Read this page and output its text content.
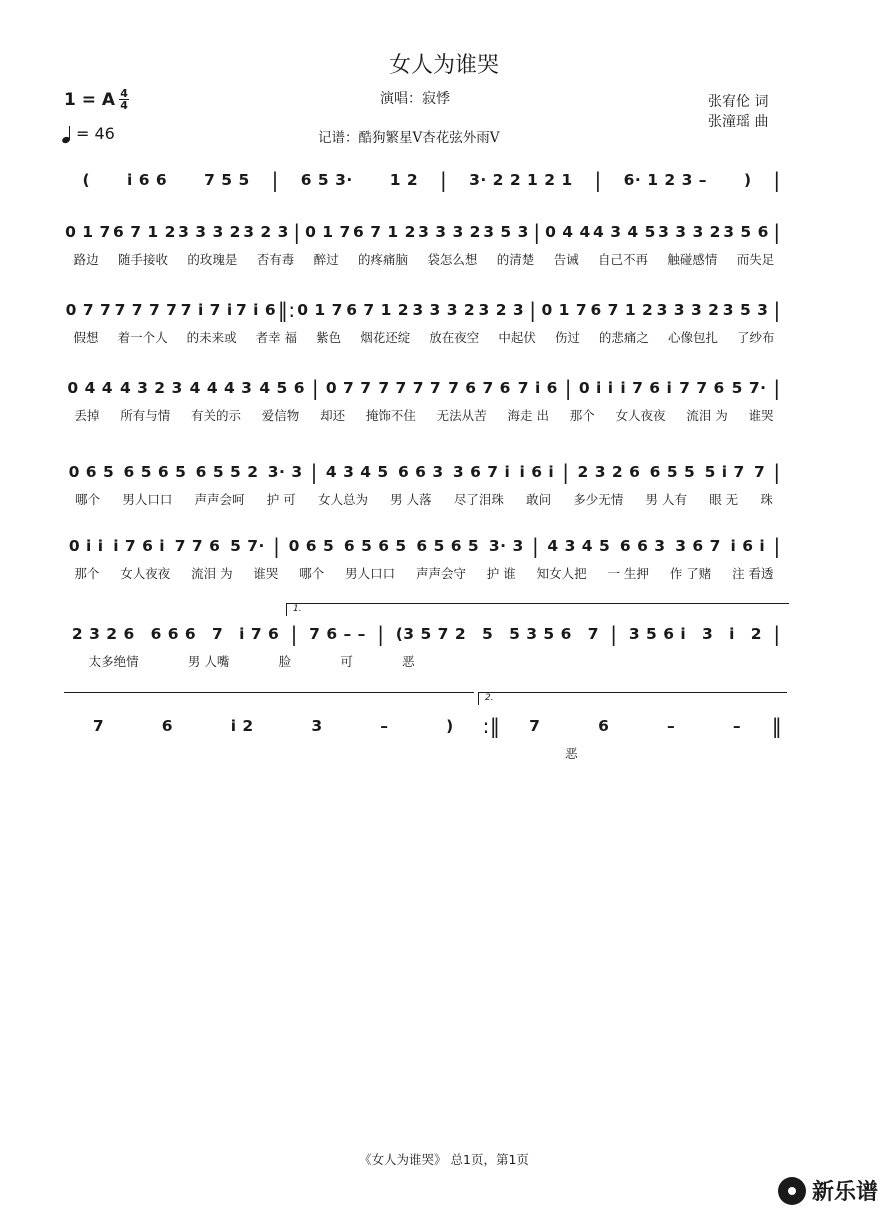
女人为谁哭
1 = A $\frac{4}{4}$
= 46
演唱：寂悸
记谱：酷狗繁星V杏花弦外雨V
张宥伦 词
张潼瑶 曲
(	i 6 6	7 5 5	|	6 5 3·	1 2	|	3· 2 2 1 2 1	|	6· 1 2 3 –	)	|
0 1 7 6 7 1 2 3 3 3 2 3 2 3 | 0 1 7 6 7 1 2 3 3 3 2 3 5 3 | 0 4 4 4 3 4 5 3 3 3 2 3 5 6 |
路边	随手接收	的玫瑰是	否有毒	醉过	的疼痛脑	袋怎么想	的清楚	告诫	自己不再	触碰感情	而失足
0 7 7 7 7 7 7 7 i 7 i 7 i 6 ‖: 0 1 7 6 7 1 2 3 3 3 2 3 2 3 | 0 1 7 6 7 1 2 3 3 3 2 3 5 3 |
假想	着一个人	的未来或	者幸 福	紫色	烟花还绽	放在夜空	中起伏	伤过	的悲痛之	心像包扎	了纱布
0 4 4 4 3 2 3 4 4 4 3 4 5 6 | 0 7 7 7 7 7 7 7 6 7 6 7 i 6 | 0 i i i 7 6 i 7 7 6 5 7· |
丢掉	所有与情	有关的示	爱信物	却还	掩饰不住	无法从苦	海走 出	那个	女人夜夜	流泪 为	谁哭
0 6 5 6 5 6 5 6 5 5 2 3· 3 | 4 3 4 5 6 6 3 3 6 7 i i 6 i | 2 3 2 6 6 5 5 5 i 7 7 |
哪个	男人口口	声声会呵	护 可	女人总为	男 人落	尽了泪珠	敢问	多少无情	男 人有	眼 无	珠
0 i i i 7 6 i 7 7 6 5 7· | 0 6 5 6 5 6 5 6 5 6 5 3· 3 | 4 3 4 5 6 6 3 3 6 7 i 6 i |
那个	女人夜夜	流泪 为	谁哭	哪个	男人口口	声声会守	护 谁	知女人把	一 生押	作 了赌	注 看透
2 3 2 6	6 6 6	7	i 7 6 | 7 6 – – | (3 5 7 2	5	5 3 5 6	7 | 3 5 6 i	3	i	2 |
太多绝情	男 人嘴	脸	可	恶
7	6	i 2	3	–	)	:‖	7	6	–	–	‖
恶
1.
2.
《女人为谁哭》 总1页，第1页
新乐谱
